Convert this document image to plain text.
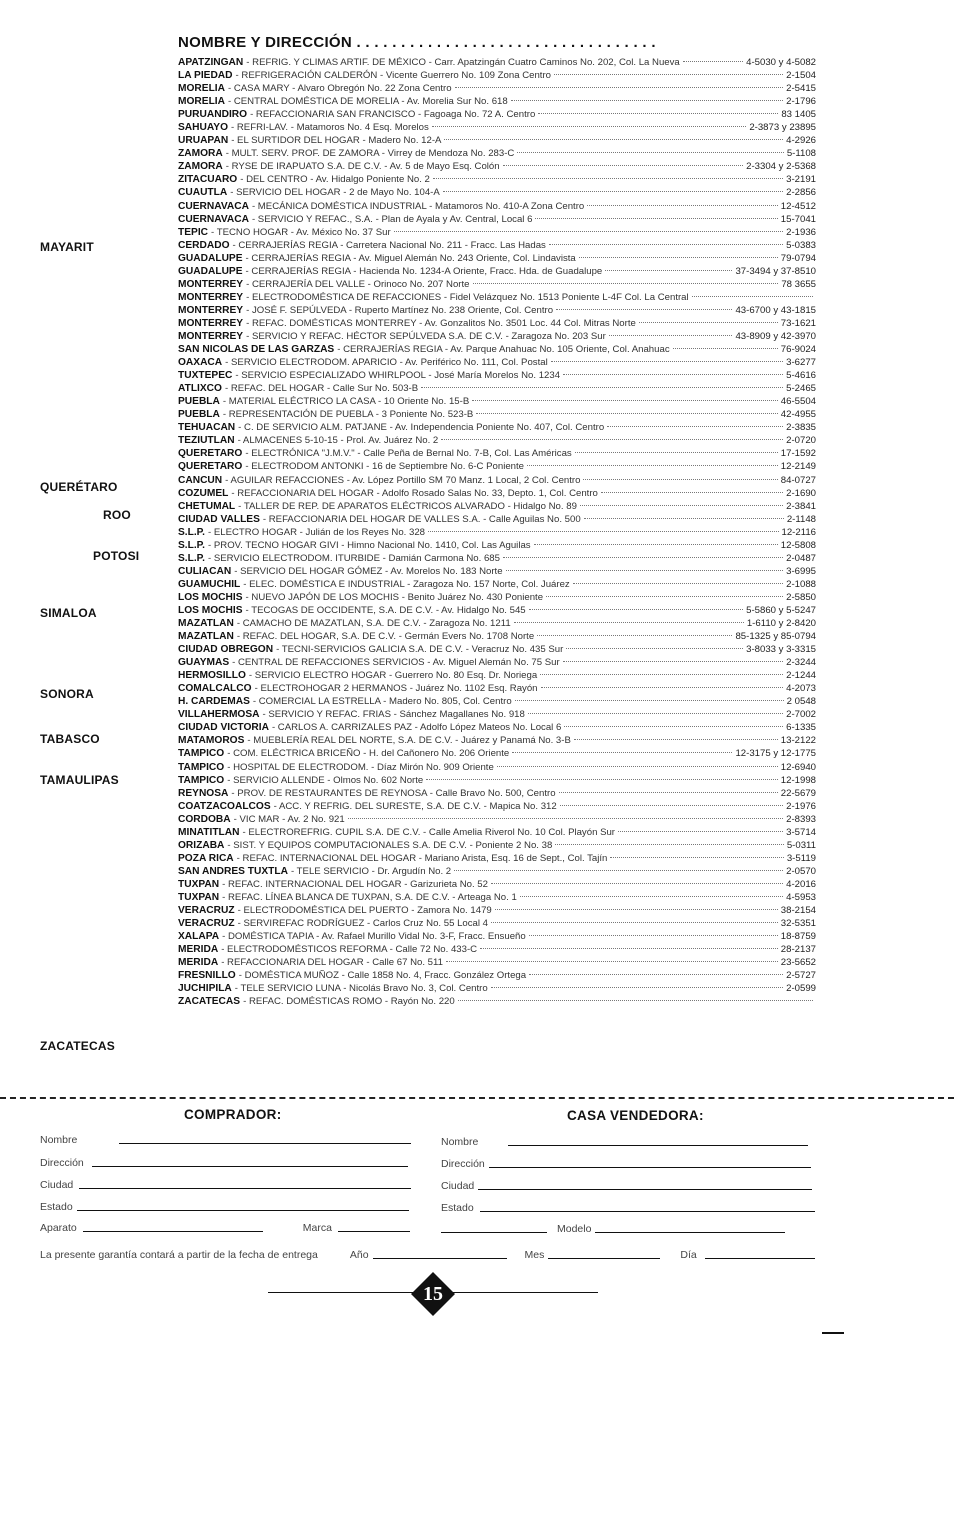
NOMBRE Y DIRECCIÓN . . . . . . . . . . . . . . . . . . . . . . . . . . . . . . . . . .
MAYARIT
QUERÉTARO
ROO
POTOSI
SIMALOA
SONORA
TABASCO
TAMAULIPAS
ZACATECAS
APATZINGAN - REFRIG. Y CLIMAS ARTIF. DE MÉXICO - Carr. Apatzingán Cuatro Caminos No. 202, Col. La Nueva	4-5030 y 4-5082
LA PIEDAD - REFRIGERACIÓN CALDERÓN - Vicente Guerrero No. 109 Zona Centro	2-1504
MORELIA - CASA MARY - Alvaro Obregón No. 22 Zona Centro	2-5415
MORELIA - CENTRAL DOMÉSTICA DE MORELIA - Av. Morelia Sur No. 618	2-1796
PURUANDIRO - REFACCIONARIA SAN FRANCISCO - Fagoaga No. 72 A. Centro	83 1405
SAHUAYO - REFRI-LAV. - Matamoros No. 4 Esq. Morelos	2-3873 y 23895
URUAPAN - EL SURTIDOR DEL HOGAR - Madero No. 12-A	4-2926
ZAMORA - MULT. SERV. PROF. DE ZAMORA - Virrey de Mendoza No. 283-C	5-1108
ZAMORA - RYSE DE IRAPUATO S.A. DE C.V. - Av. 5 de Mayo Esq. Colón	2-3304 y 2-5368
ZITACUARO - DEL CENTRO - Av. Hidalgo Poniente No. 2	3-2191
CUAUTLA - SERVICIO DEL HOGAR - 2 de Mayo No. 104-A	2-2856
CUERNAVACA - MECÁNICA DOMÉSTICA INDUSTRIAL - Matamoros No. 410-A Zona Centro	12-4512
CUERNAVACA - SERVICIO Y REFAC., S.A. - Plan de Ayala y Av. Central, Local 6	15-7041
TEPIC - TECNO HOGAR - Av. México No. 37 Sur	2-1936
CERDADO - CERRAJERÍAS REGIA - Carretera Nacional No. 211 - Fracc. Las Hadas	5-0383
GUADALUPE - CERRAJERÍAS REGIA - Av. Miguel Alemán No. 243 Oriente, Col. Lindavista	79-0794
GUADALUPE - CERRAJERÍAS REGIA - Hacienda No. 1234-A Oriente, Fracc. Hda. de Guadalupe	37-3494 y 37-8510
MONTERREY - CERRAJERÍA DEL VALLE - Orinoco No. 207 Norte	78 3655
MONTERREY - ELECTRODOMÉSTICA DE REFACCIONES - Fidel Velázquez No. 1513 Poniente L-4F Col. La Central
MONTERREY - JOSÉ F. SEPÚLVEDA - Ruperto Martínez No. 238 Oriente, Col. Centro	43-6700 y 43-1815
MONTERREY - REFAC. DOMÉSTICAS MONTERREY - Av. Gonzalitos No. 3501 Loc. 44 Col. Mitras Norte	73-1621
MONTERREY - SERVICIO Y REFAC. HÉCTOR SEPÚLVEDA S.A. DE C.V. - Zaragoza No. 203 Sur	43-8909 y 42-3970
SAN NICOLAS DE LAS GARZAS - CERRAJERÍAS REGIA - Av. Parque Anahuac No. 105 Oriente, Col. Anahuac	76-9024
OAXACA - SERVICIO ELECTRODOM. APARICIO - Av. Periférico No. 111, Col. Postal	3-6277
TUXTEPEC - SERVICIO ESPECIALIZADO WHIRLPOOL - José María Morelos No. 1234	5-4616
ATLIXCO - REFAC. DEL HOGAR - Calle Sur No. 503-B	5-2465
PUEBLA - MATERIAL ELÉCTRICO LA CASA - 10 Oriente No. 15-B	46-5504
PUEBLA - REPRESENTACIÓN DE PUEBLA - 3 Poniente No. 523-B	42-4955
TEHUACAN - C. DE SERVICIO ALM. PATJANE - Av. Independencia Poniente No. 407, Col. Centro	2-3835
TEZIUTLAN - ALMACENES 5-10-15 - Prol. Av. Juárez No. 2	2-0720
QUERETARO - ELECTRÓNICA "J.M.V." - Calle Peña de Bernal No. 7-B, Col. Las Américas	17-1592
QUERETARO - ELECTRODOM ANTONKI - 16 de Septiembre No. 6-C Poniente	12-2149
CANCUN - AGUILAR REFACCIONES - Av. López Portillo SM 70 Manz. 1 Local, 2 Col. Centro	84-0727
COZUMEL - REFACCIONARIA DEL HOGAR - Adolfo Rosado Salas No. 33, Depto. 1, Col. Centro	2-1690
CHETUMAL - TALLER DE REP. DE APARATOS ELÉCTRICOS ALVARADO - Hidalgo No. 89	2-3841
CIUDAD VALLES - REFACCIONARIA DEL HOGAR DE VALLES S.A. - Calle Aguilas No. 500	2-1148
S.L.P. - ELECTRO HOGAR - Julián de los Reyes No. 328	12-2116
S.L.P. - PROV. TECNO HOGAR GIVI - Himno Nacional No. 1410, Col. Las Aguilas	12-5808
S.L.P. - SERVICIO ELECTRODOM. ITURBIDE - Damián Carmona No. 685	2-0487
CULIACAN - SERVICIO DEL HOGAR GÓMEZ - Av. Morelos No. 183 Norte	3-6995
GUAMUCHIL - ELEC. DOMÉSTICA E INDUSTRIAL - Zaragoza No. 157 Norte, Col. Juárez	2-1088
LOS MOCHIS - NUEVO JAPÓN DE LOS MOCHIS - Benito Juárez No. 430 Poniente	2-5850
LOS MOCHIS - TECOGAS DE OCCIDENTE, S.A. DE C.V. - Av. Hidalgo No. 545	5-5860 y 5-5247
MAZATLAN - CAMACHO DE MAZATLAN, S.A. DE C.V. - Zaragoza No. 1211	1-6110 y 2-8420
MAZATLAN - REFAC. DEL HOGAR, S.A. DE C.V. - Germán Evers No. 1708 Norte	85-1325 y 85-0794
CIUDAD OBREGON - TECNI-SERVICIOS GALICIA S.A. DE C.V. - Veracruz No. 435 Sur	3-8033 y 3-3315
GUAYMAS - CENTRAL DE REFACCIONES SERVICIOS - Av. Miguel Alemán No. 75 Sur	2-3244
HERMOSILLO - SERVICIO ELECTRO HOGAR - Guerrero No. 80 Esq. Dr. Noriega	2-1244
COMALCALCO - ELECTROHOGAR 2 HERMANOS - Juárez No. 1102 Esq. Rayón	4-2073
H. CARDEMAS - COMERCIAL LA ESTRELLA - Madero No. 805, Col. Centro	2 0548
VILLAHERMOSA - SERVICIO Y REFAC. FRIAS - Sánchez Magallanes No. 918	2-7002
CIUDAD VICTORIA - CARLOS A. CARRIZALES PAZ - Adolfo López Mateos No. Local 6	6-1335
MATAMOROS - MUEBLERÍA REAL DEL NORTE, S.A. DE C.V. - Juárez y Panamá No. 3-B	13-2122
TAMPICO - COM. ELÉCTRICA BRICEÑO - H. del Cañonero No. 206 Oriente	12-3175 y 12-1775
TAMPICO - HOSPITAL DE ELECTRODOM. - Díaz Mirón No. 909 Oriente	12-6940
TAMPICO - SERVICIO ALLENDE - Olmos No. 602 Norte	12-1998
REYNOSA - PROV. DE RESTAURANTES DE REYNOSA - Calle Bravo No. 500, Centro	22-5679
COATZACOALCOS - ACC. Y REFRIG. DEL SURESTE, S.A. DE C.V. - Mapica No. 312	2-1976
CORDOBA - VIC MAR - Av. 2 No. 921	2-8393
MINATITLAN - ELECTROREFRIG. CUPIL S.A. DE C.V. - Calle Amelia Riverol No. 10 Col. Playón Sur	3-5714
ORIZABA - SIST. Y EQUIPOS COMPUTACIONALES S.A. DE C.V. - Poniente 2 No. 38	5-0311
POZA RICA - REFAC. INTERNACIONAL DEL HOGAR - Mariano Arista, Esq. 16 de Sept., Col. Tajín	3-5119
SAN ANDRES TUXTLA - TELE SERVICIO - Dr. Argudín No. 2	2-0570
TUXPAN - REFAC. INTERNACIONAL DEL HOGAR - Garizurieta No. 52	4-2016
TUXPAN - REFAC. LÍNEA BLANCA DE TUXPAN, S.A. DE C.V. - Arteaga No. 1	4-5953
VERACRUZ - ELECTRODOMÉSTICA DEL PUERTO - Zamora No. 1479	38-2154
VERACRUZ - SERVIREFAC RODRÍGUEZ - Carlos Cruz No. 55 Local 4	32-5351
XALAPA - DOMÉSTICA TAPIA - Av. Rafael Murillo Vidal No. 3-F, Fracc. Ensueño	18-8759
MERIDA - ELECTRODOMÉSTICOS REFORMA - Calle 72 No. 433-C	28-2137
MERIDA - REFACCIONARIA DEL HOGAR - Calle 67 No. 511	23-5652
FRESNILLO - DOMÉSTICA MUÑOZ - Calle 1858 No. 4, Fracc. González Ortega	2-5727
JUCHIPILA - TELE SERVICIO LUNA - Nicolás Bravo No. 3, Col. Centro	2-0599
ZACATECAS - REFAC. DOMÉSTICAS ROMO - Rayón No. 220
COMPRADOR:	CASA VENDEDORA:
Nombre
Dirección
Ciudad
Estado
Aparato	Marca
Nombre
Dirección
Ciudad
Estado
Modelo
La presente garantía contará a partir de la fecha de entrega	Año	Mes	Día
15
